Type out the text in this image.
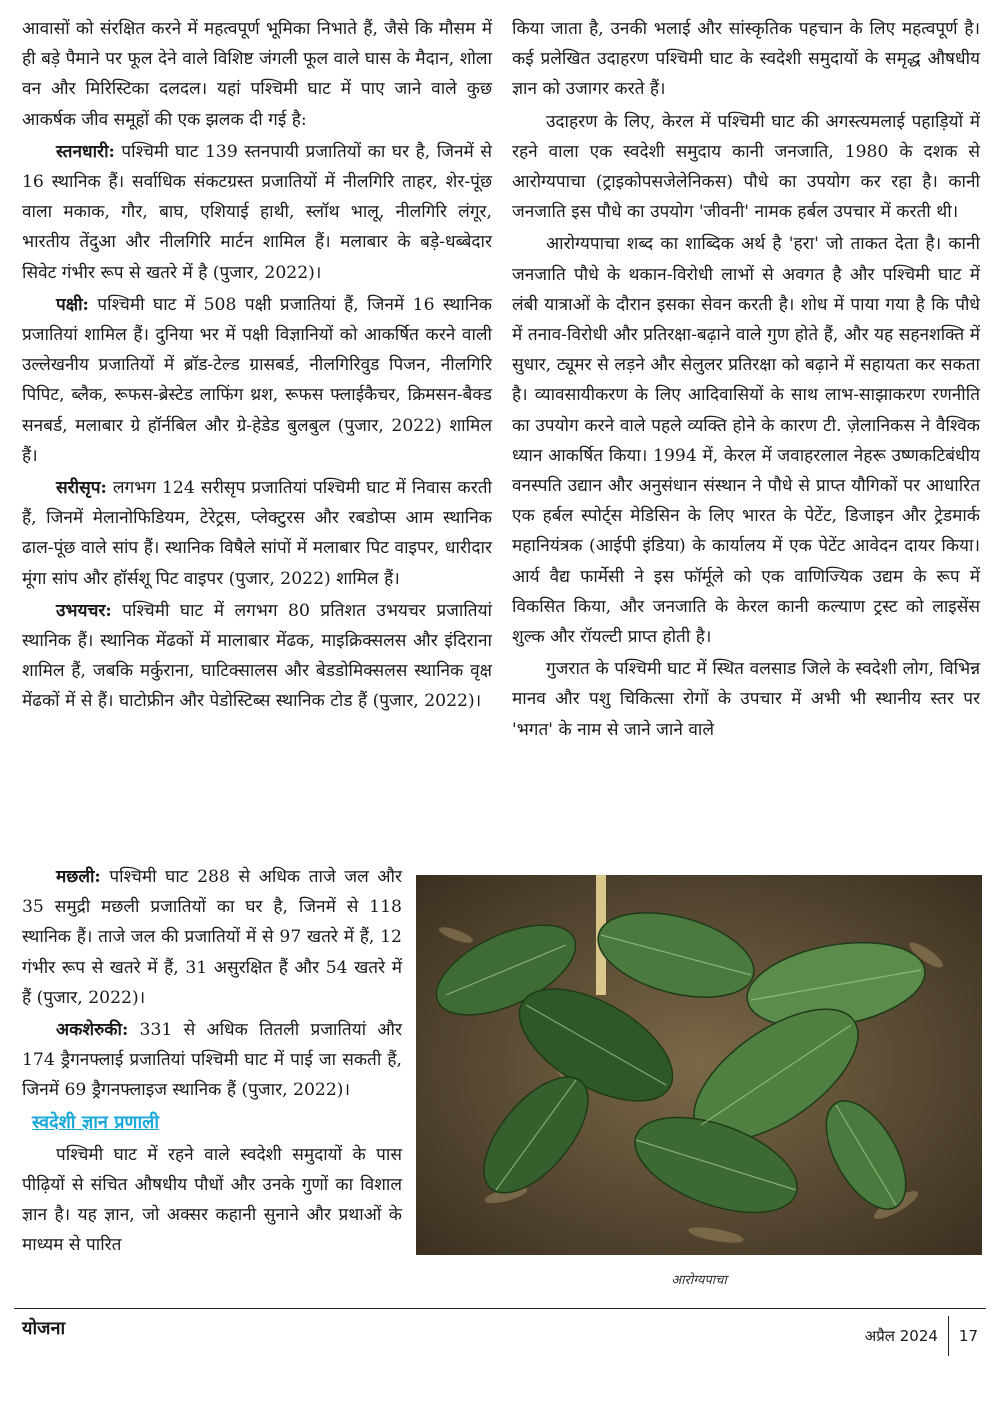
आवासों को संरक्षित करने में महत्वपूर्ण भूमिका निभाते हैं, जैसे कि मौसम में ही बड़े पैमाने पर फूल देने वाले विशिष्ट जंगली फूल वाले घास के मैदान, शोला वन और मिरिस्टिका दलदल। यहां पश्चिमी घाट में पाए जाने वाले कुछ आकर्षक जीव समूहों की एक झलक दी गई है:

स्तनधारी: पश्चिमी घाट 139 स्तनपायी प्रजातियों का घर है, जिनमें से 16 स्थानिक हैं। सर्वाधिक संकटग्रस्त प्रजातियों में नीलगिरि ताहर, शेर-पूंछ वाला मकाक, गौर, बाघ, एशियाई हाथी, स्लॉथ भालू, नीलगिरि लंगूर, भारतीय तेंदुआ और नीलगिरि मार्टन शामिल हैं। मलाबार के बड़े-धब्बेदार सिवेट गंभीर रूप से खतरे में है (पुजार, 2022)।

पक्षी: पश्चिमी घाट में 508 पक्षी प्रजातियां हैं, जिनमें 16 स्थानिक प्रजातियां शामिल हैं। दुनिया भर में पक्षी विज्ञानियों को आकर्षित करने वाली उल्लेखनीय प्रजातियों में ब्रॉड-टेल्ड ग्रासबर्ड, नीलगिरिवुड पिजन, नीलगिरि पिपिट, ब्लैक, रूफस-ब्रेस्टेड लाफिंग थ्रश, रूफस फ्लाईकैचर, क्रिमसन-बैक्ड सनबर्ड, मलाबार ग्रे हॉर्नबिल और ग्रे-हेडेड बुलबुल (पुजार, 2022) शामिल हैं।

सरीसृप: लगभग 124 सरीसृप प्रजातियां पश्चिमी घाट में निवास करती हैं, जिनमें मेलानोफिडियम, टेरेट्रस, प्लेक्टुरस और रबडोप्स आम स्थानिक ढाल-पूंछ वाले सांप हैं। स्थानिक विषैले सांपों में मलाबार पिट वाइपर, धारीदार मूंगा सांप और हॉर्सशू पिट वाइपर (पुजार, 2022) शामिल हैं।

उभयचर: पश्चिमी घाट में लगभग 80 प्रतिशत उभयचर प्रजातियां स्थानिक हैं। स्थानिक मेंढकों में मालाबार मेंढक, माइक्रिक्सलस और इंदिराना शामिल हैं, जबकि मर्कुराना, घाटिक्सालस और बेडडोमिक्सलस स्थानिक वृक्ष मेंढकों में से हैं। घाटोफ्रीन और पेडोस्टिब्स स्थानिक टोड हैं (पुजार, 2022)।

मछली: पश्चिमी घाट 288 से अधिक ताजे जल और 35 समुद्री मछली प्रजातियों का घर है, जिनमें से 118 स्थानिक हैं। ताजे जल की प्रजातियों में से 97 खतरे में हैं, 12 गंभीर रूप से खतरे में हैं, 31 असुरक्षित हैं और 54 खतरे में हैं (पुजार, 2022)।

अकशेरुकी: 331 से अधिक तितली प्रजातियां और 174 ड्रैगनफ्लाई प्रजातियां पश्चिमी घाट में पाई जा सकती हैं, जिनमें 69 ड्रैगनफ्लाइज स्थानिक हैं (पुजार, 2022)।

स्वदेशी ज्ञान प्रणाली

पश्चिमी घाट में रहने वाले स्वदेशी समुदायों के पास पीढ़ियों से संचित औषधीय पौधों और उनके गुणों का विशाल ज्ञान है। यह ज्ञान, जो अक्सर कहानी सुनाने और प्रथाओं के माध्यम से पारित

किया जाता है, उनकी भलाई और सांस्कृतिक पहचान के लिए महत्वपूर्ण है। कई प्रलेखित उदाहरण पश्चिमी घाट के स्वदेशी समुदायों के समृद्ध औषधीय ज्ञान को उजागर करते हैं।

उदाहरण के लिए, केरल में पश्चिमी घाट की अगस्त्यमलाई पहाड़ियों में रहने वाला एक स्वदेशी समुदाय कानी जनजाति, 1980 के दशक से आरोग्यपाचा (ट्राइकोपसजेलेनिकस) पौधे का उपयोग कर रहा है। कानी जनजाति इस पौधे का उपयोग 'जीवनी' नामक हर्बल उपचार में करती थी।

आरोग्यपाचा शब्द का शाब्दिक अर्थ है 'हरा' जो ताकत देता है। कानी जनजाति पौधे के थकान-विरोधी लाभों से अवगत है और पश्चिमी घाट में लंबी यात्राओं के दौरान इसका सेवन करती है। शोध में पाया गया है कि पौधे में तनाव-विरोधी और प्रतिरक्षा-बढ़ाने वाले गुण होते हैं, और यह सहनशक्ति में सुधार, ट्यूमर से लड़ने और सेलुलर प्रतिरक्षा को बढ़ाने में सहायता कर सकता है। व्यावसायीकरण के लिए आदिवासियों के साथ लाभ-साझाकरण रणनीति का उपयोग करने वाले पहले व्यक्ति होने के कारण टी. ज़ेलानिकस ने वैश्विक ध्यान आकर्षित किया। 1994 में, केरल में जवाहरलाल नेहरू उष्णकटिबंधीय वनस्पति उद्यान और अनुसंधान संस्थान ने पौधे से प्राप्त यौगिकों पर आधारित एक हर्बल स्पोर्ट्स मेडिसिन के लिए भारत के पेटेंट, डिजाइन और ट्रेडमार्क महानियंत्रक (आईपी इंडिया) के कार्यालय में एक पेटेंट आवेदन दायर किया। आर्य वैद्य फार्मेसी ने इस फॉर्मूले को एक वाणिज्यिक उद्यम के रूप में विकसित किया, और जनजाति के केरल कानी कल्याण ट्रस्ट को लाइसेंस शुल्क और रॉयल्टी प्राप्त होती है।

गुजरात के पश्चिमी घाट में स्थित वलसाड जिले के स्वदेशी लोग, विभिन्न मानव और पशु चिकित्सा रोगों के उपचार में अभी भी स्थानीय स्तर पर 'भगत' के नाम से जाने जाने वाले

आरोग्यपाचा
योजना	अप्रैल 2024 17
